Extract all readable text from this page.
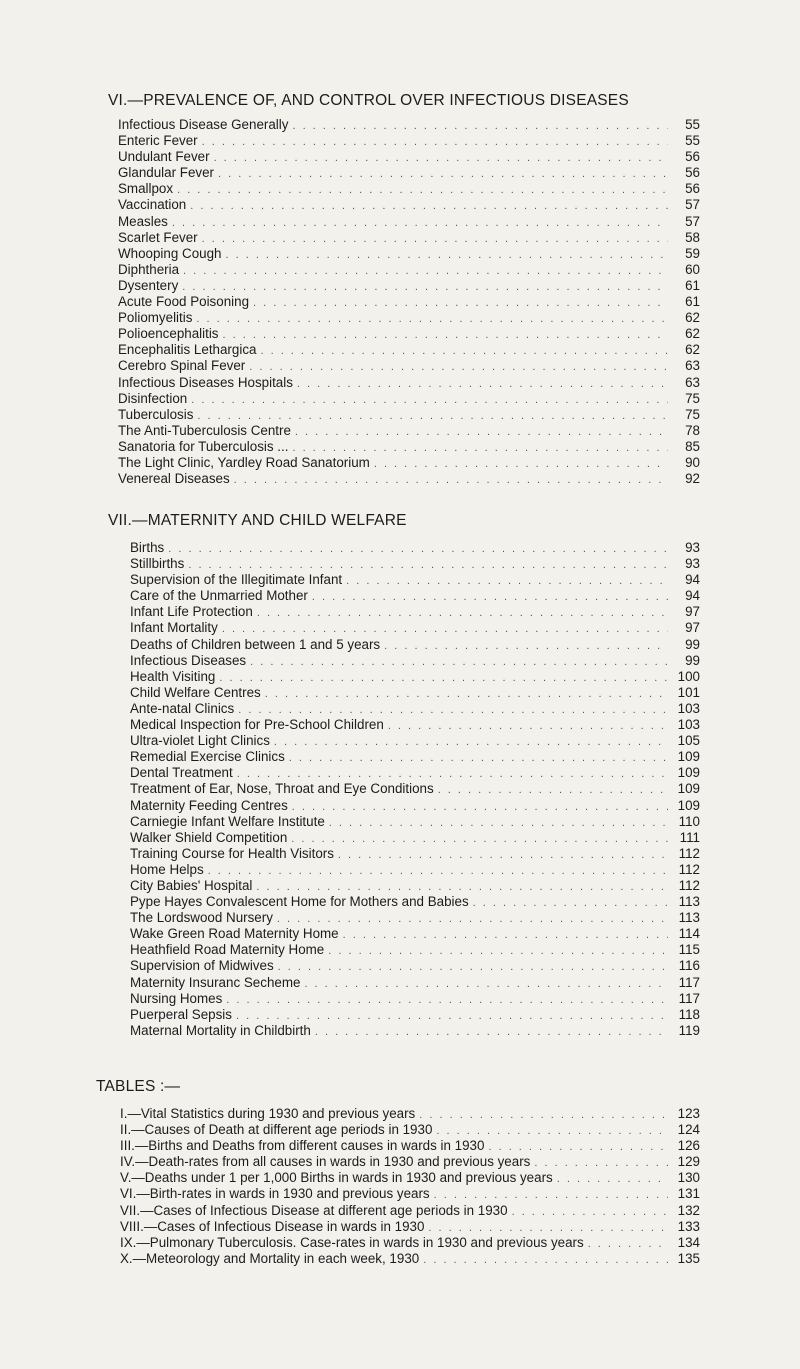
VI.—PREVALENCE OF, AND CONTROL OVER INFECTIOUS DISEASES
Infectious Disease Generally . . .	55
Enteric Fever . . .	55
Undulant Fever . . .	56
Glandular Fever . . .	56
Smallpox . . .	56
Vaccination . . .	57
Measles . . .	57
Scarlet Fever . . .	58
Whooping Cough . . .	59
Diphtheria . . .	60
Dysentery . . .	61
Acute Food Poisoning . . .	61
Poliomyelitis . . .	62
Polioencephalitis . . .	62
Encephalitis Lethargica . . .	62
Cerebro Spinal Fever . . .	63
Infectious Diseases Hospitals . . .	63
Disinfection . . .	75
Tuberculosis . . .	75
The Anti-Tuberculosis Centre . . .	78
Sanatoria for Tuberculosis ... . . .	85
The Light Clinic, Yardley Road Sanatorium . . .	90
Venereal Diseases . . .	92
VII.—MATERNITY AND CHILD WELFARE
Births . . .	93
Stillbirths . . .	93
Supervision of the Illegitimate Infant . . .	94
Care of the Unmarried Mother . . .	94
Infant Life Protection . . .	97
Infant Mortality . . .	97
Deaths of Children between 1 and 5 years . . .	99
Infectious Diseases . . .	99
Health Visiting . . .	100
Child Welfare Centres . . .	101
Ante-natal Clinics . . .	103
Medical Inspection for Pre-School Children . . .	103
Ultra-violet Light Clinics . . .	105
Remedial Exercise Clinics . . .	109
Dental Treatment . . .	109
Treatment of Ear, Nose, Throat and Eye Conditions . . .	109
Maternity Feeding Centres . . .	109
Carniegie Infant Welfare Institute . . .	110
Walker Shield Competition . . .	111
Training Course for Health Visitors . . .	112
Home Helps . . .	112
City Babies' Hospital . . .	112
Pype Hayes Convalescent Home for Mothers and Babies . . .	113
The Lordswood Nursery . . .	113
Wake Green Road Maternity Home . . .	114
Heathfield Road Maternity Home . . .	115
Supervision of Midwives . . .	116
Maternity Insuranc Sechemе . . .	117
Nursing Homes . . .	117
Puerperal Sepsis . . .	118
Maternal Mortality in Childbirth . . .	119
TABLES :—
I.—Vital Statistics during 1930 and previous years . . .	123
II.—Causes of Death at different age periods in 1930 . . .	124
III.—Births and Deaths from different causes in wards in 1930 . . .	126
IV.—Death-rates from all causes in wards in 1930 and previous years . . .	129
V.—Deaths under 1 per 1,000 Births in wards in 1930 and previous years . . .	130
VI.—Birth-rates in wards in 1930 and previous years . . .	131
VII.—Cases of Infectious Disease at different age periods in 1930 . . .	132
VIII.—Cases of Infectious Disease in wards in 1930 . . .	133
IX.—Pulmonary Tuberculosis. Case-rates in wards in 1930 and previous years . . .	134
X.—Meteorology and Mortality in each week, 1930 . . .	135
